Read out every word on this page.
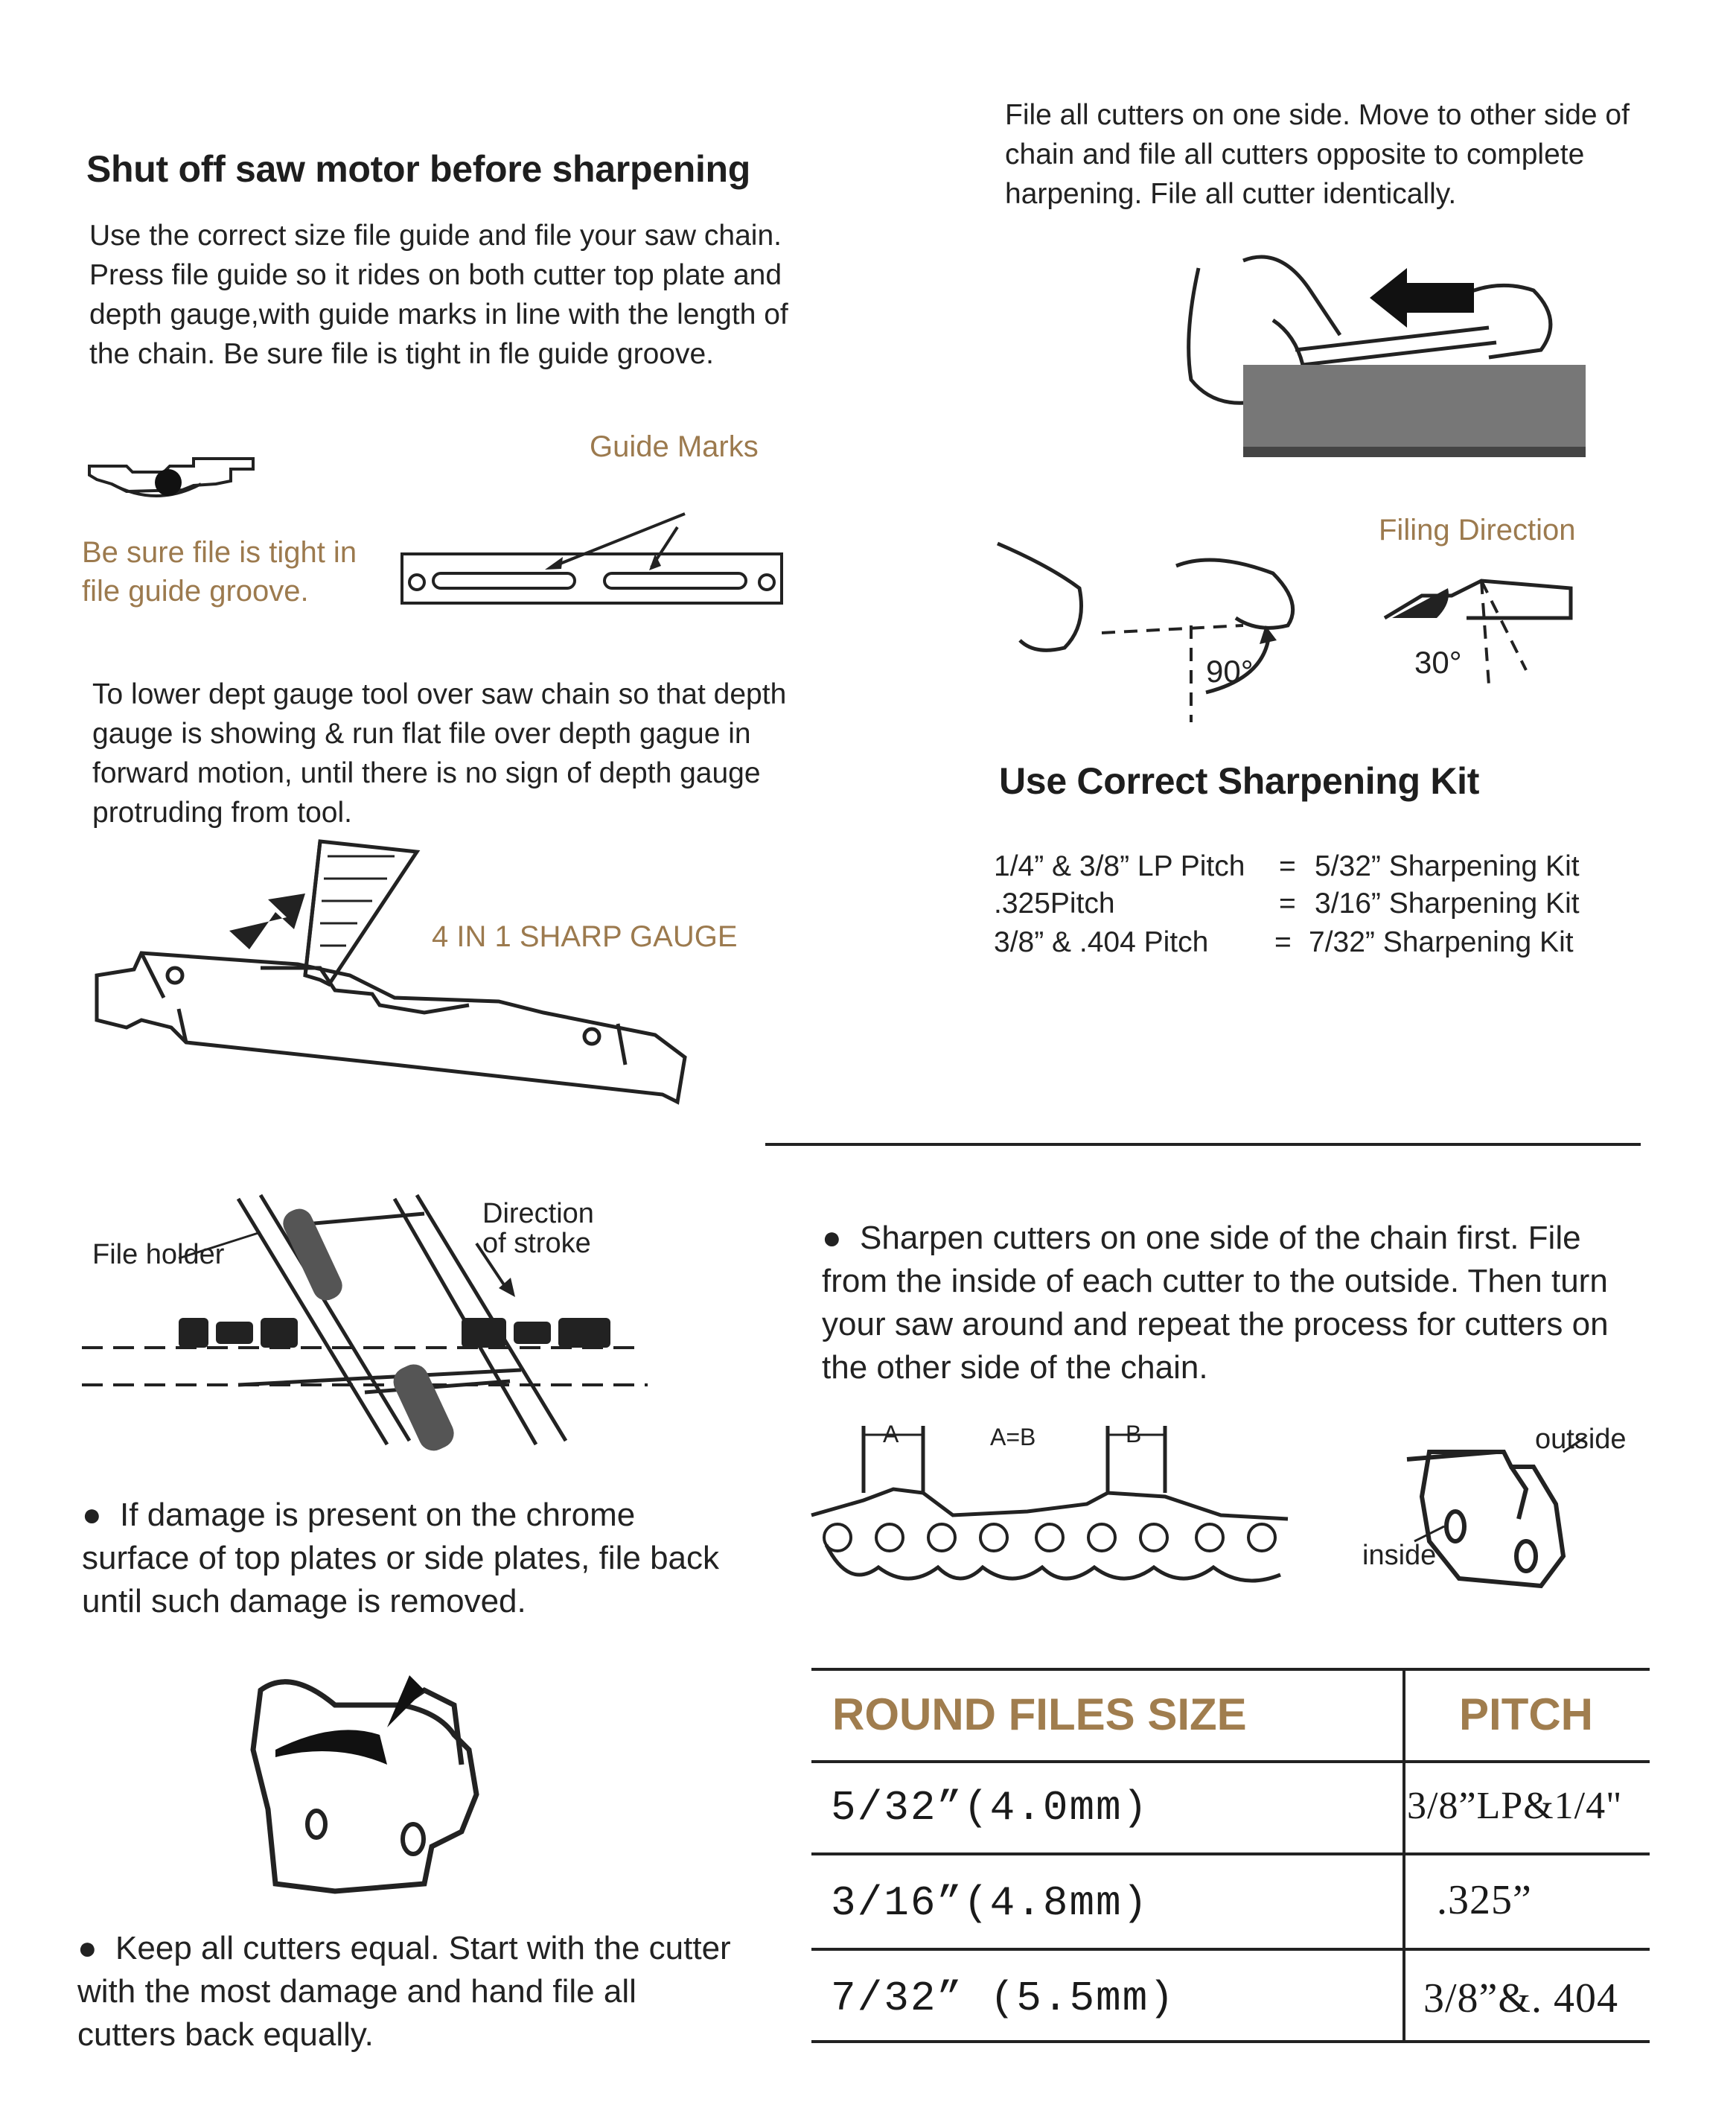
Shut off saw motor before sharpening
Use the correct size file guide and file your saw chain. Press file guide so it rides on both cutter top plate and depth gauge,with guide marks in line with the length of the chain. Be sure file is tight in fle guide groove.
Guide Marks
Be sure file is tight in
file guide groove.
To lower dept gauge tool over saw chain so that depth gauge is showing & run flat file over depth gague in forward motion, until there is no sign of depth gauge protruding from tool.
4 IN 1 SHARP GAUGE
File holder
Direction
of stroke
● If damage is present on the chrome surface of top plates or side plates, file back until such damage is removed.
● Keep all cutters equal. Start with the cutter with the most damage and hand file all cutters back equally.
File all cutters on one side. Move to other side of chain and file all cutters opposite to complete harpening. File all cutter identically.
Filing Direction
90°	30°
Use Correct Sharpening Kit
1/4” & 3/8” LP Pitch = 5/32” Sharpening Kit
.325Pitch	= 3/16” Sharpening Kit
3/8” & .404 Pitch = 7/32” Sharpening Kit
● Sharpen cutters on one side of the chain first. File from the inside of each cutter to the outside. Then turn your saw around and repeat the process for cutters on the other side of the chain.
A	A=B	B	outside
inside
ROUND FILES SIZE	PITCH
5/32”(4.0mm)	3/8”LP&1/4"
3/16”(4.8mm)	.325”
7/32” (5.5mm)	3/8”&. 404
